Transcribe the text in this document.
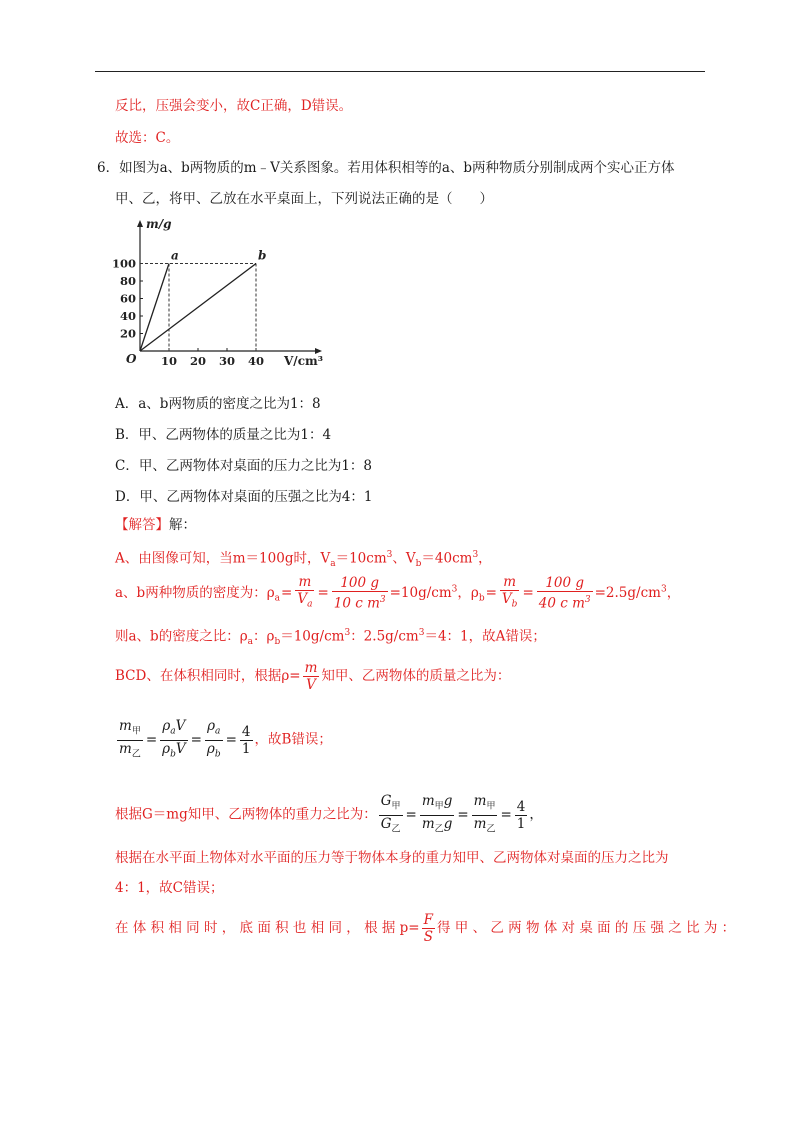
反比，压强会变小，故C正确，D错误。
故选：C。
6．如图为a、b两物质的m﹣V关系图象。若用体积相等的a、b两种物质分别制成两个实心正方体
甲、乙，将甲、乙放在水平桌面上，下列说法正确的是（　　）
m/g
V/cm³
O 10 20 30 40
20
40
60
80
100
a	b
A．a、b两物质的密度之比为1：8
B．甲、乙两物体的质量之比为1：4
C．甲、乙两物体对桌面的压力之比为1：8
D．甲、乙两物体对桌面的压强之比为4：1
【解答】解：
A、由图像可知，当m＝100g时，$V_a=10cm^3$、$V_b=40cm^3$，
a、b两种物质的密度为：$\rho_a= \frac{m}{V_a} = \frac{100 g}{10 c m^3} =10g/cm^3$，$\rho_b= \frac{m}{V_b} = \frac{100 g}{40 c m^3} =2.5g/cm^3$，
则a、b的密度之比：$\rho_a$：$\rho_b=10g/cm^3$：$2.5g/cm^3=4$：1，故A错误；
BCD、在体积相同时，根据$\rho= \frac{m}{V}$ 知甲、乙两物体的质量之比为：
$\frac{m_甲}{m_乙} = \frac{\rho_aV}{\rho_bV} = \frac{\rho_a}{\rho_b} = \frac{4}{1}$ ，故B错误；
根据G＝mg知甲、乙两物体的重力之比为： $\frac{G_甲}{G_乙} = \frac{m_甲g}{m_乙g} = \frac{m_甲}{m_乙} = \frac{4}{1}$ ，
根据在水平面上物体对水平面的压力等于物体本身的重力知甲、乙两物体对桌面的压力之比为
4：1，故C错误；
在 体 积 相 同 时 ， 底 面 积 也 相 同 ， 根 据 $p= \frac{F}{S}$ 得 甲 、 乙 两 物 体 对 桌 面 的 压 强 之 比 为 ：
